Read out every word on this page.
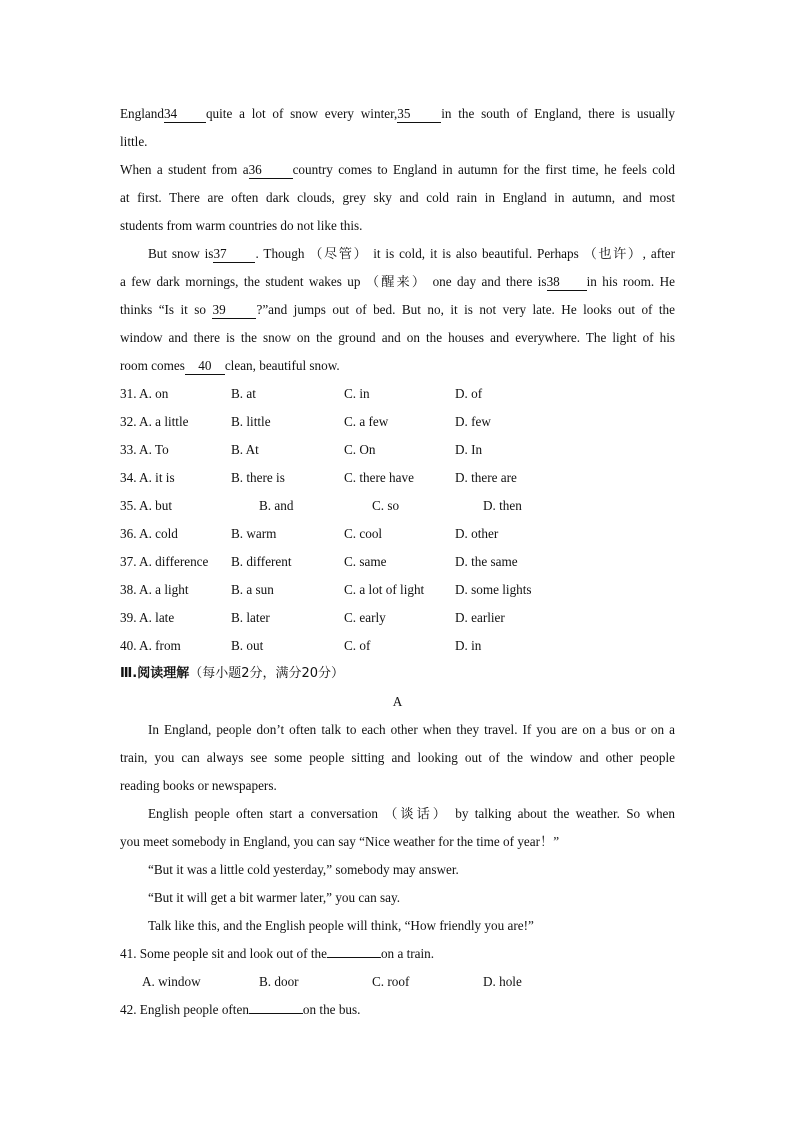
England34 quite a lot of snow every winter,35 in the south of England, there is usually
little.
When a student from a36 country comes to England in autumn for the first time, he feels cold
at first. There are often dark clouds, grey sky and cold rain in England in autumn, and most
students from warm countries do not like this.
But snow is37 . Though （尽管） it is cold, it is also beautiful. Perhaps （也许）, after
a few dark mornings, the student wakes up （醒来） one day and there is38 in his room. He
thinks “Is it so 39 ?”and jumps out of bed. But no, it is not very late. He looks out of the
window and there is the snow on the ground and on the houses and everywhere. The light of his
room comes 40 clean, beautiful snow.
31. A. on	B. at	C. in	D. of
32. A. a little	B. little	C. a few	D. few
33. A. To	B. At	C. On	D. In
34. A. it is	B. there is	C. there have	D. there are
35. A. but	B. and	C. so	D. then
36. A. cold	B. warm	C. cool	D. other
37. A. difference B. different	C. same	D. the same
38. A. a light	B. a sun	C. a lot of light D. some lights
39. A. late	B. later	C. early	D. earlier
40. A. from	B. out	C. of	D. in
Ⅲ.阅读理解（每小题2分，满分20分）
A
In England, people don’t often talk to each other when they travel. If you are on a bus or on a
train, you can always see some people sitting and looking out of the window and other people
reading books or newspapers.
English people often start a conversation （谈话） by talking about the weather. So when
you meet somebody in England, you can say “Nice weather for the time of year！”
“But it was a little cold yesterday,” somebody may answer.
“But it will get a bit warmer later,” you can say.
Talk like this, and the English people will think, “How friendly you are!”
41. Some people sit and look out of the	on a train.
A. window	B. door	C. roof	D. hole
42. English people often	on the bus.
